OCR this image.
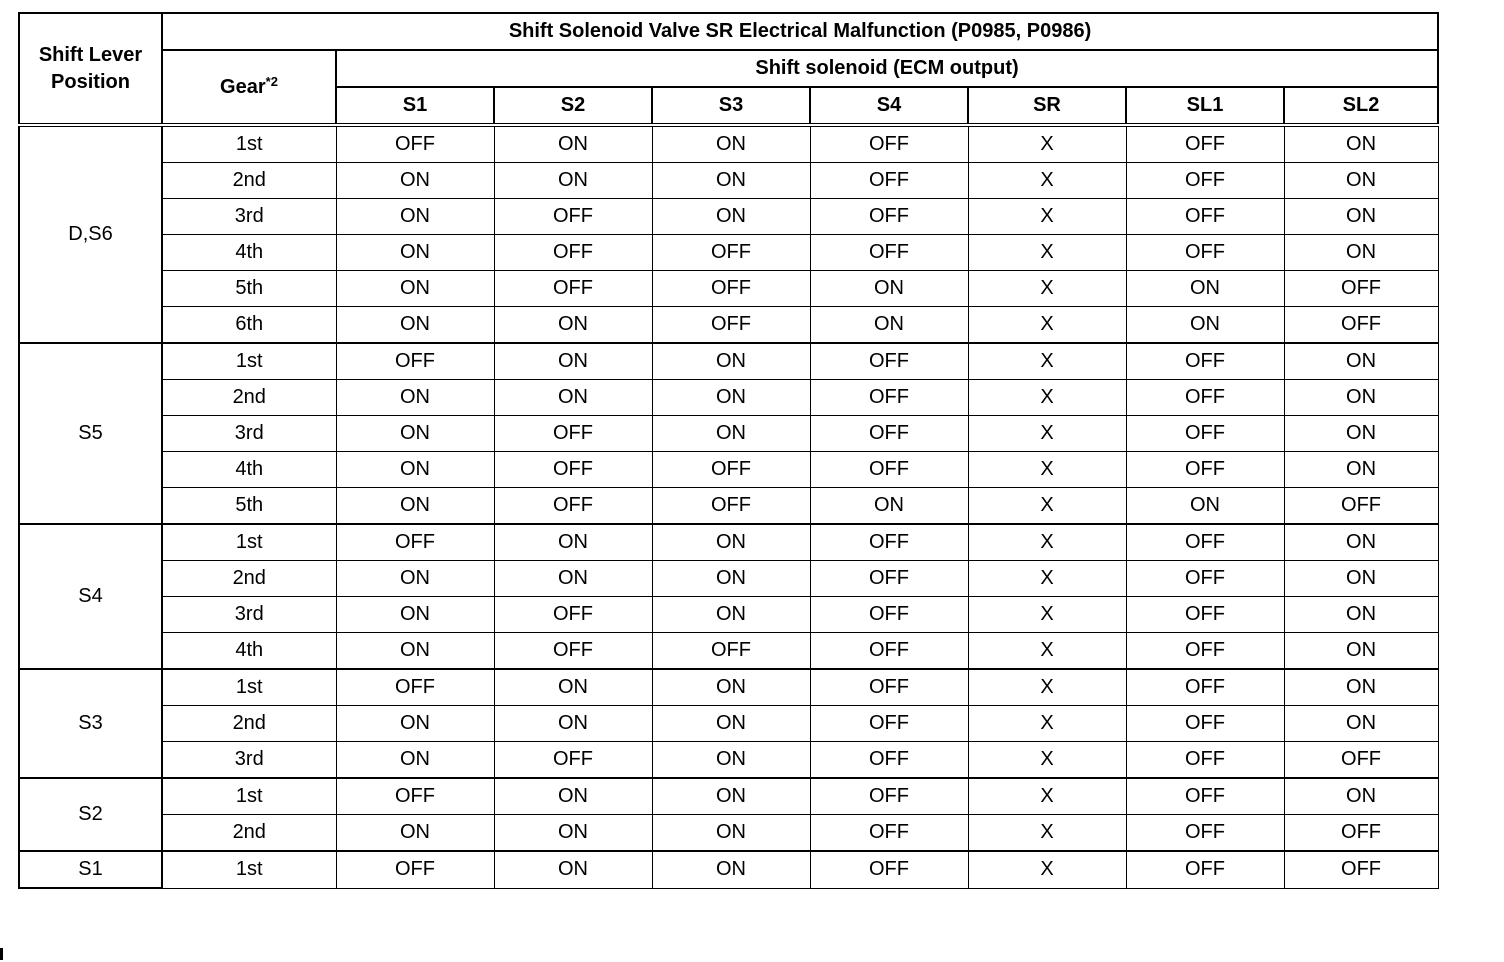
Shift Lever Position	Shift Solenoid Valve SR Electrical Malfunction (P0985, P0986)							
	Gear$^{*2}$	Shift solenoid (ECM output)						
		S1	S2	S3	S4	SR	SL1	SL2
D,S6	1st	OFF	ON	ON	OFF	X	OFF	ON
	2nd	ON	ON	ON	OFF	X	OFF	ON
	3rd	ON	OFF	ON	OFF	X	OFF	ON
	4th	ON	OFF	OFF	OFF	X	OFF	ON
	5th	ON	OFF	OFF	ON	X	ON	OFF
	6th	ON	ON	OFF	ON	X	ON	OFF
S5	1st	OFF	ON	ON	OFF	X	OFF	ON
	2nd	ON	ON	ON	OFF	X	OFF	ON
	3rd	ON	OFF	ON	OFF	X	OFF	ON
	4th	ON	OFF	OFF	OFF	X	OFF	ON
	5th	ON	OFF	OFF	ON	X	ON	OFF
S4	1st	OFF	ON	ON	OFF	X	OFF	ON
	2nd	ON	ON	ON	OFF	X	OFF	ON
	3rd	ON	OFF	ON	OFF	X	OFF	ON
	4th	ON	OFF	OFF	OFF	X	OFF	ON
S3	1st	OFF	ON	ON	OFF	X	OFF	ON
	2nd	ON	ON	ON	OFF	X	OFF	ON
	3rd	ON	OFF	ON	OFF	X	OFF	OFF
S2	1st	OFF	ON	ON	OFF	X	OFF	ON
	2nd	ON	ON	ON	OFF	X	OFF	OFF
S1	1st	OFF	ON	ON	OFF	X	OFF	OFF
